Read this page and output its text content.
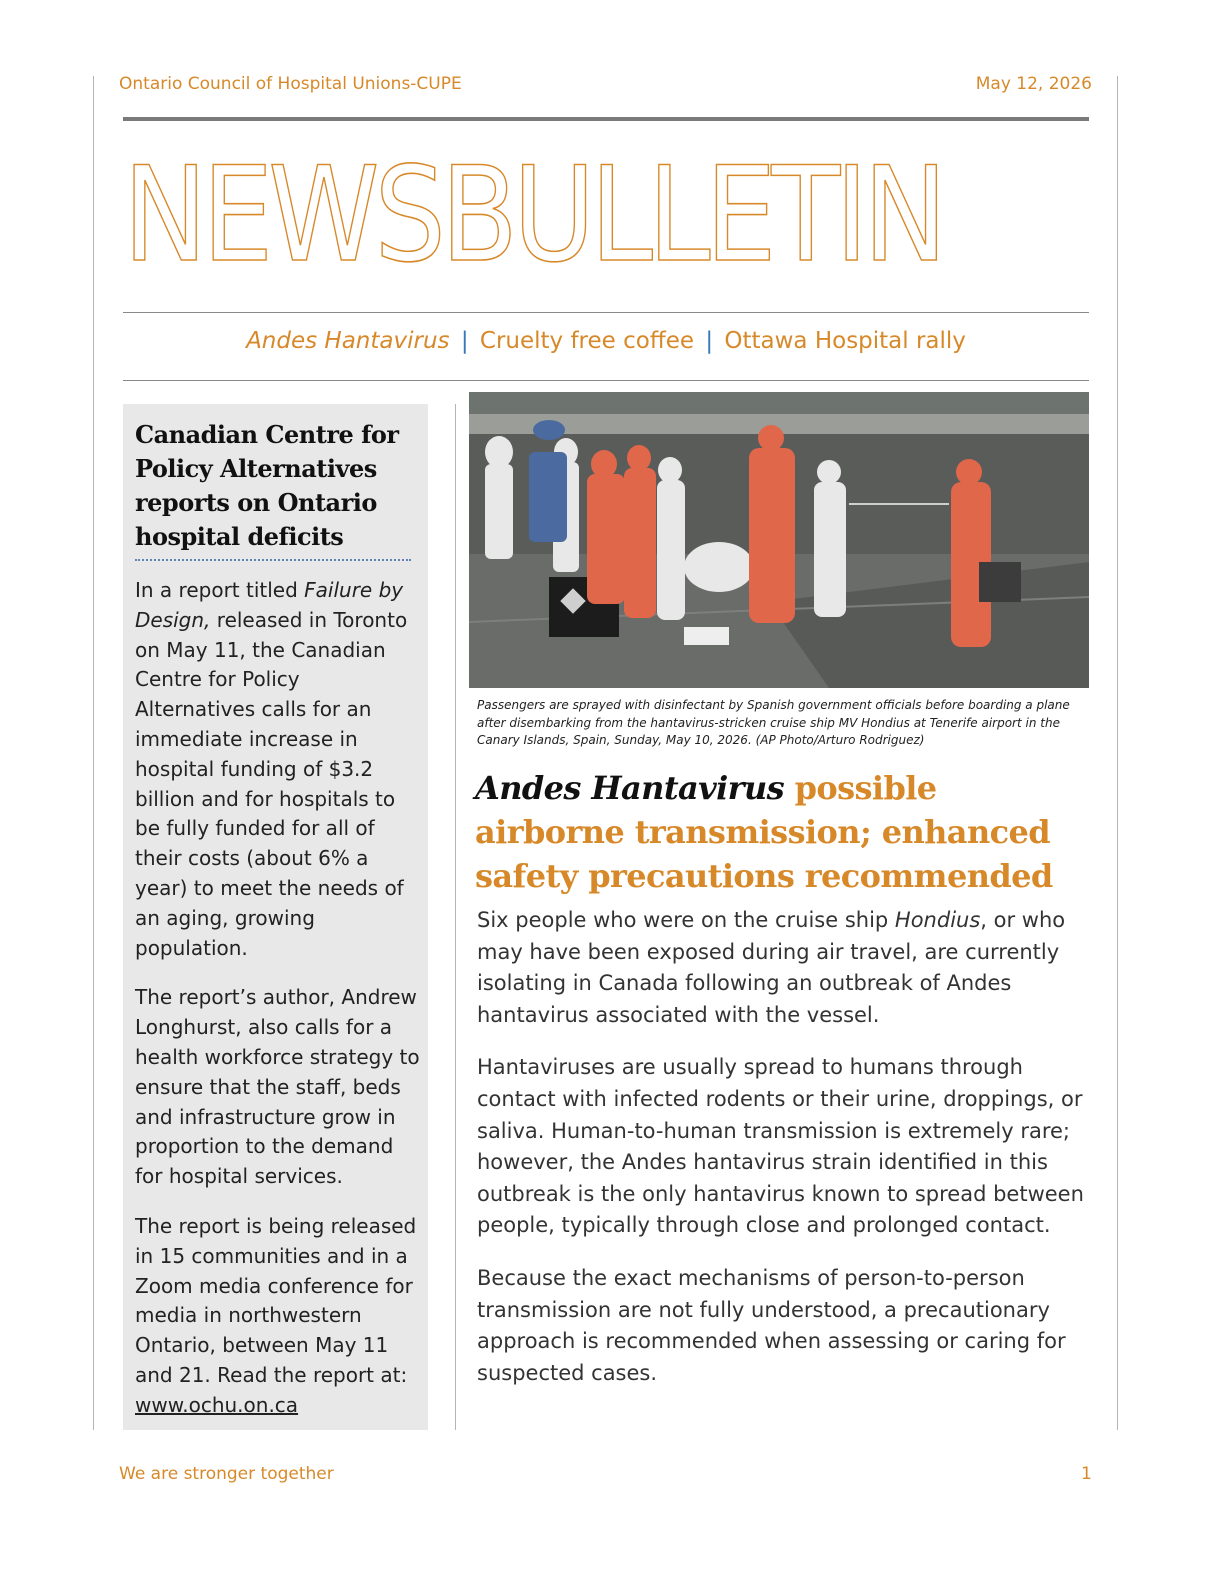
Ontario Council of Hospital Unions-CUPE	May 12, 2026
NEWSBULLETIN
Andes Hantavirus | Cruelty free coffee | Ottawa Hospital rally
Canadian Centre for Policy Alternatives reports on Ontario hospital deficits

In a report titled Failure by Design, released in Toronto on May 11, the Canadian Centre for Policy Alternatives calls for an immediate increase in hospital funding of $3.2 billion and for hospitals to be fully funded for all of their costs (about 6% a year) to meet the needs of an aging, growing population.

The report’s author, Andrew Longhurst, also calls for a health workforce strategy to ensure that the staff, beds and infrastructure grow in proportion to the demand for hospital services.

The report is being released in 15 communities and in a Zoom media conference for media in northwestern Ontario, between May 11 and 21. Read the report at: www.ochu.on.ca

Passengers are sprayed with disinfectant by Spanish government officials before boarding a plane after disembarking from the hantavirus-stricken cruise ship MV Hondius at Tenerife airport in the Canary Islands, Spain, Sunday, May 10, 2026. (AP Photo/Arturo Rodriguez)
Andes Hantavirus possible airborne transmission; enhanced safety precautions recommended

Six people who were on the cruise ship Hondius, or who may have been exposed during air travel, are currently isolating in Canada following an outbreak of Andes hantavirus associated with the vessel.

Hantaviruses are usually spread to humans through contact with infected rodents or their urine, droppings, or saliva. Human-to-human transmission is extremely rare; however, the Andes hantavirus strain identified in this outbreak is the only hantavirus known to spread between people, typically through close and prolonged contact.

Because the exact mechanisms of person-to-person transmission are not fully understood, a precautionary approach is recommended when assessing or caring for suspected cases.

We are stronger together	1
